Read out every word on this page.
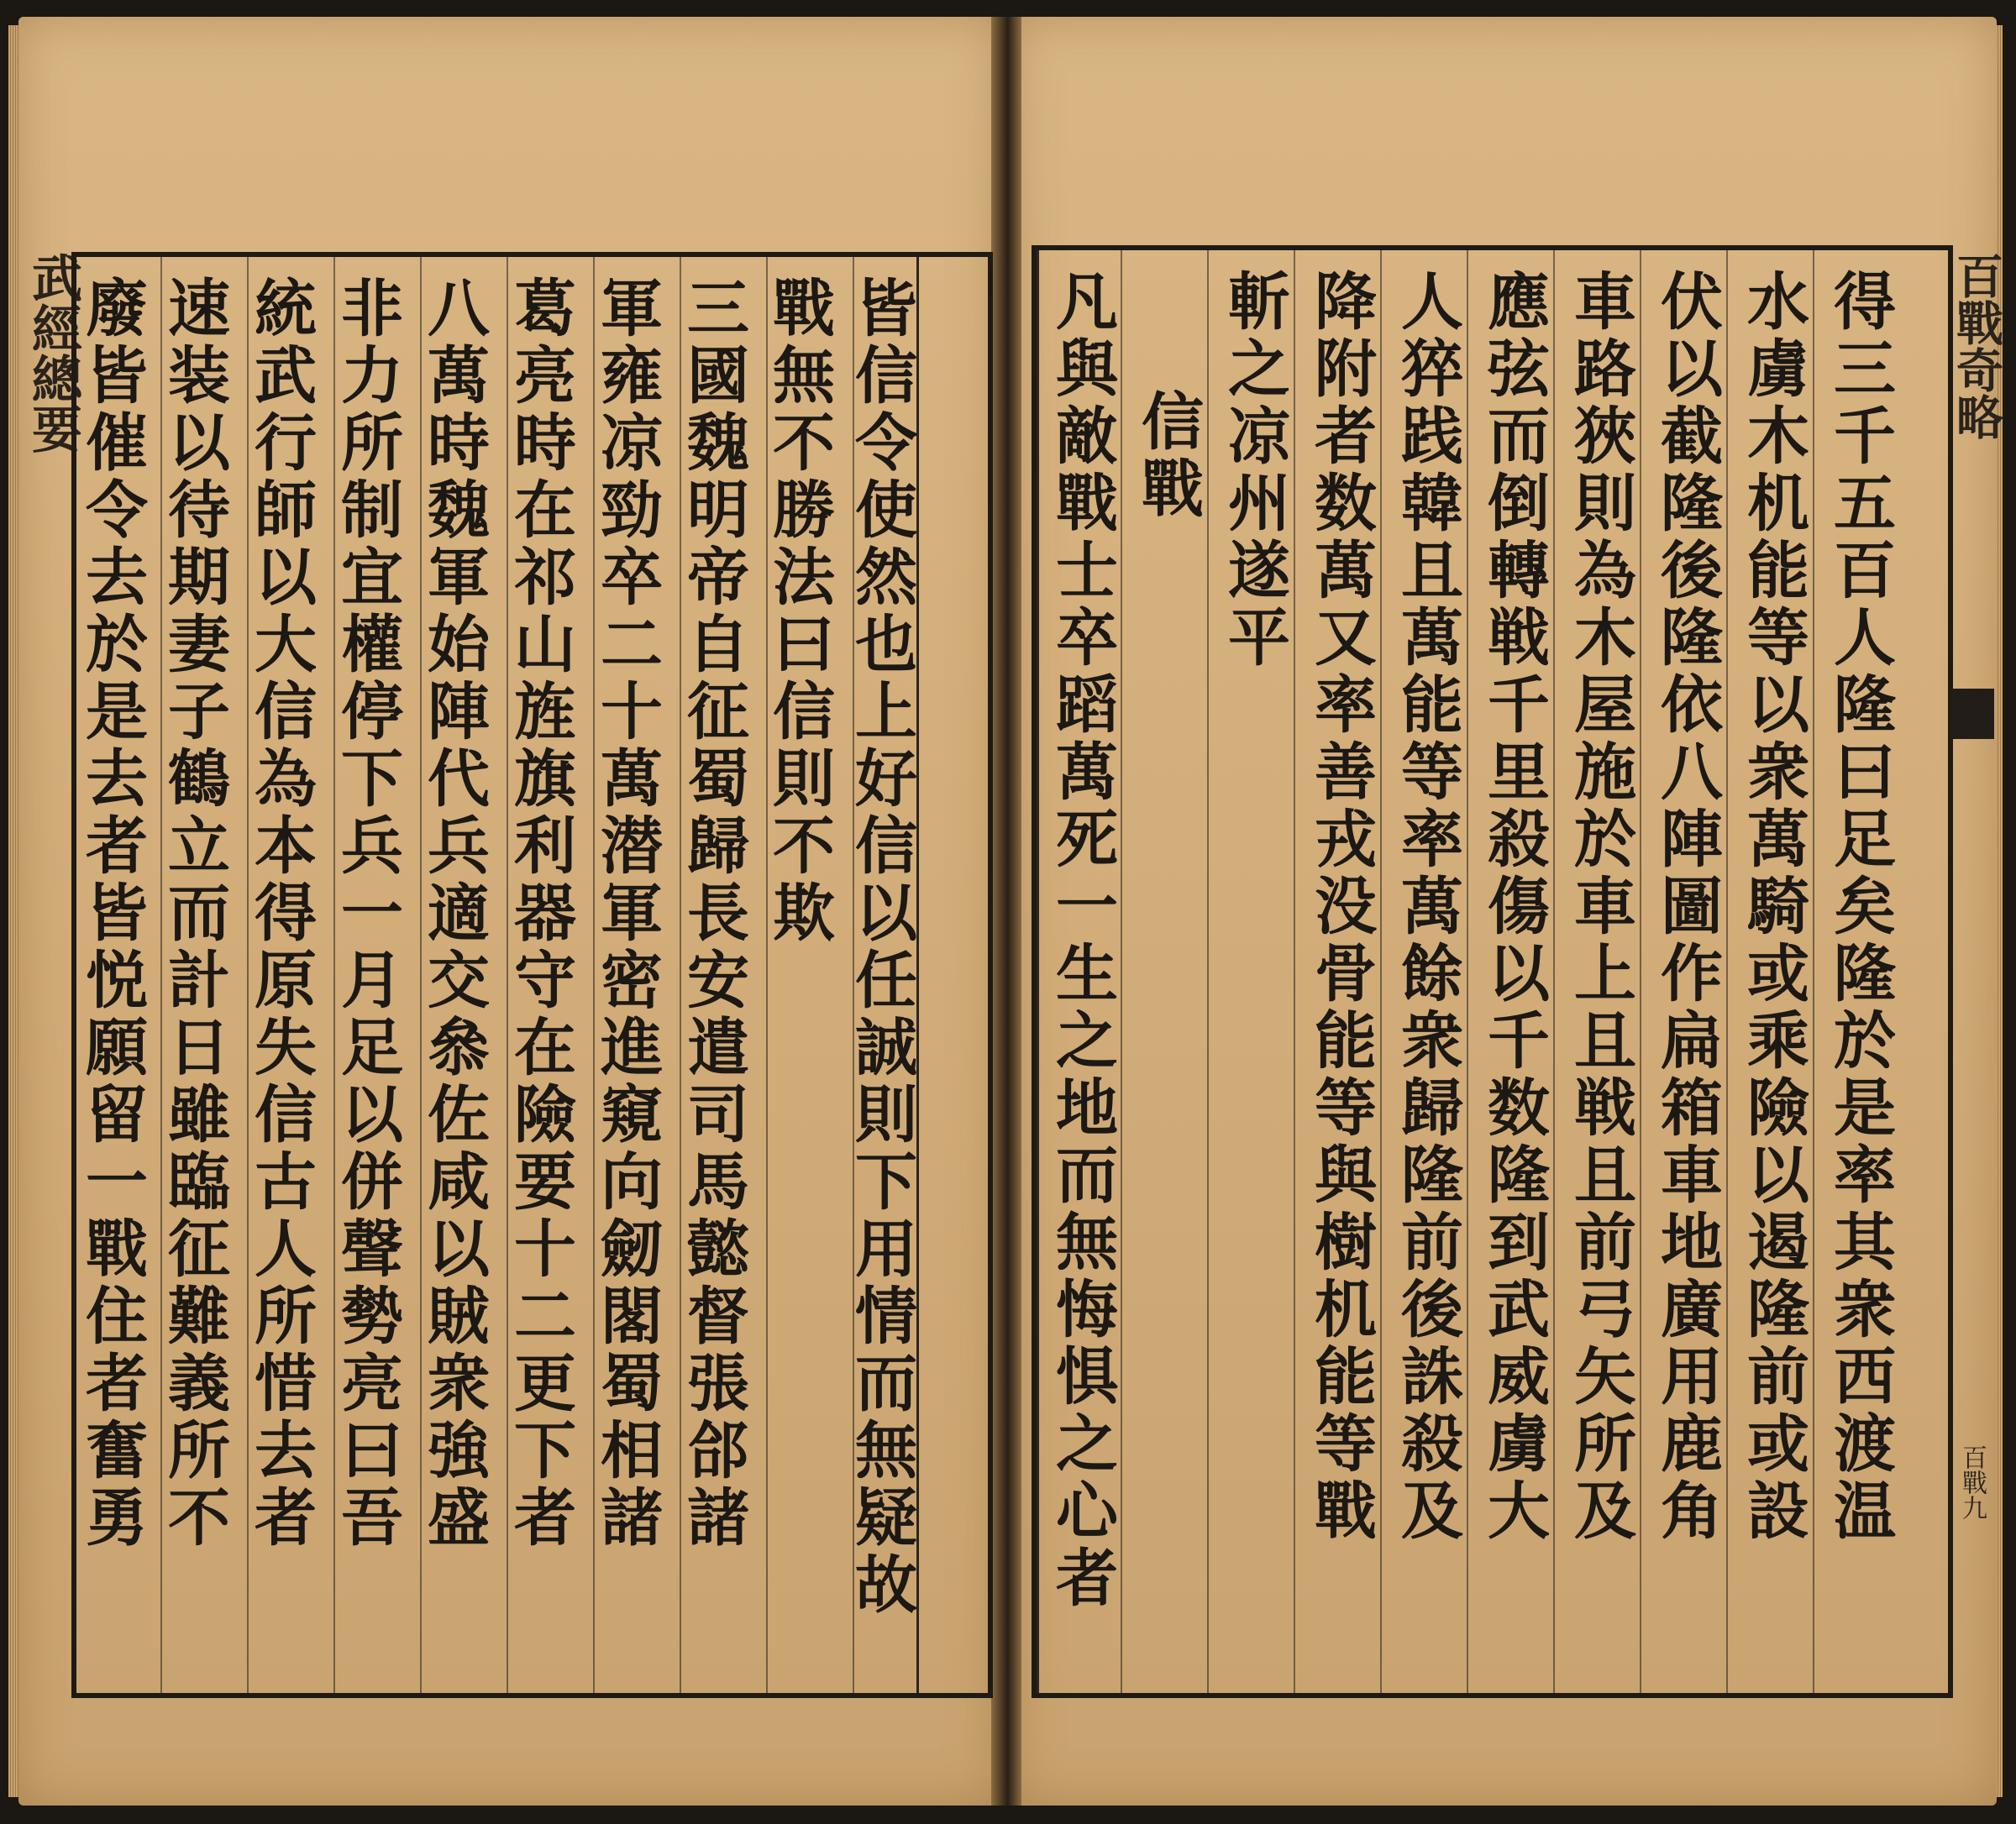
武經總要	皆信令使然也上好信以任誠則下用情而無疑故
戰無不勝法曰信則不欺
三國魏明帝自征蜀歸長安遣司馬懿督張郃諸
軍雍凉勁卒二十萬潜軍密進窺向劒閣蜀相諸
葛亮時在祁山旌旗利器守在險要十二更下者
八萬時魏軍始陣代兵適交叅佐咸以賊衆強盛
非力所制宜權停下兵一月足以併聲勢亮曰吾
統武行師以大信為本得原失信古人所惜去者
速装以待期妻子鶴立而計日雖臨征難義所不
廢皆催令去於是去者皆悦願留一戰住者奮勇	凡與敵戰士卒蹈萬死一生之地而無悔惧之心者 信戰 斬之凉州遂平 降附者数萬又率善戎没骨能等與樹机能等戰 人猝践韓且萬能等率萬餘衆歸隆前後誅殺及 應弦而倒轉戦千里殺傷以千数隆到武威虜大 車路狹則為木屋施於車上且戦且前弓矢所及 伏以截隆後隆依八陣圖作扁箱車地廣用鹿角 水虜木机能等以衆萬騎或乘險以遏隆前或設 得三千五百人隆曰足矣隆於是率其衆西渡温 百戰奇略
百戰九
